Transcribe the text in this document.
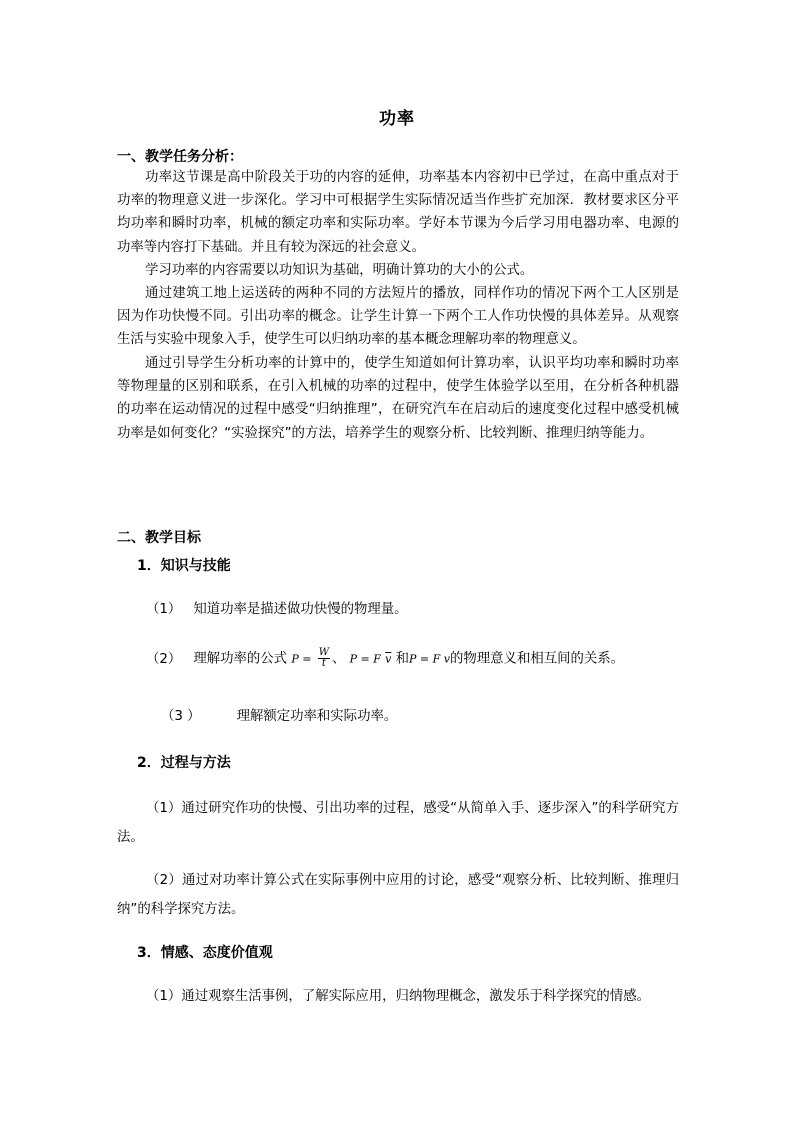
功率
一、教学任务分析：

功率这节课是高中阶段关于功的内容的延伸，功率基本内容初中已学过，在高中重点对于功率的物理意义进一步深化。学习中可根据学生实际情况适当作些扩充加深．教材要求区分平均功率和瞬时功率，机械的额定功率和实际功率。学好本节课为今后学习用电器功率、电源的功率等内容打下基础。并且有较为深远的社会意义。

学习功率的内容需要以功知识为基础，明确计算功的大小的公式。

通过建筑工地上运送砖的两种不同的方法短片的播放，同样作功的情况下两个工人区别是因为作功快慢不同。引出功率的概念。让学生计算一下两个工人作功快慢的具体差异。从观察生活与实验中现象入手，使学生可以归纳功率的基本概念理解功率的物理意义。

通过引导学生分析功率的计算中的，使学生知道如何计算功率，认识平均功率和瞬时功率等物理量的区别和联系，在引入机械的功率的过程中，使学生体验学以至用，在分析各种机器的功率在运动情况的过程中感受“归纳推理”，在研究汽车在启动后的速度变化过程中感受机械功率是如何变化？“实验探究”的方法，培养学生的观察分析、比较判断、推理归纳等能力。

二、教学目标
1．知识与技能
（1） 知道功率是描述做功快慢的物理量。
（2） 理解功率的公式 $P = \frac{W}{t}$ 、 P = F $\overline{v}$ 和P = F v的物理意义和相互间的关系。
（3 ）	理解额定功率和实际功率。
2．过程与方法

（1）通过研究作功的快慢、引出功率的过程，感受“从简单入手、逐步深入”的科学研究方法。

（2）通过对功率计算公式在实际事例中应用的讨论，感受“观察分析、比较判断、推理归纳”的科学探究方法。

3．情感、态度价值观

（1）通过观察生活事例，了解实际应用，归纳物理概念，激发乐于科学探究的情感。
